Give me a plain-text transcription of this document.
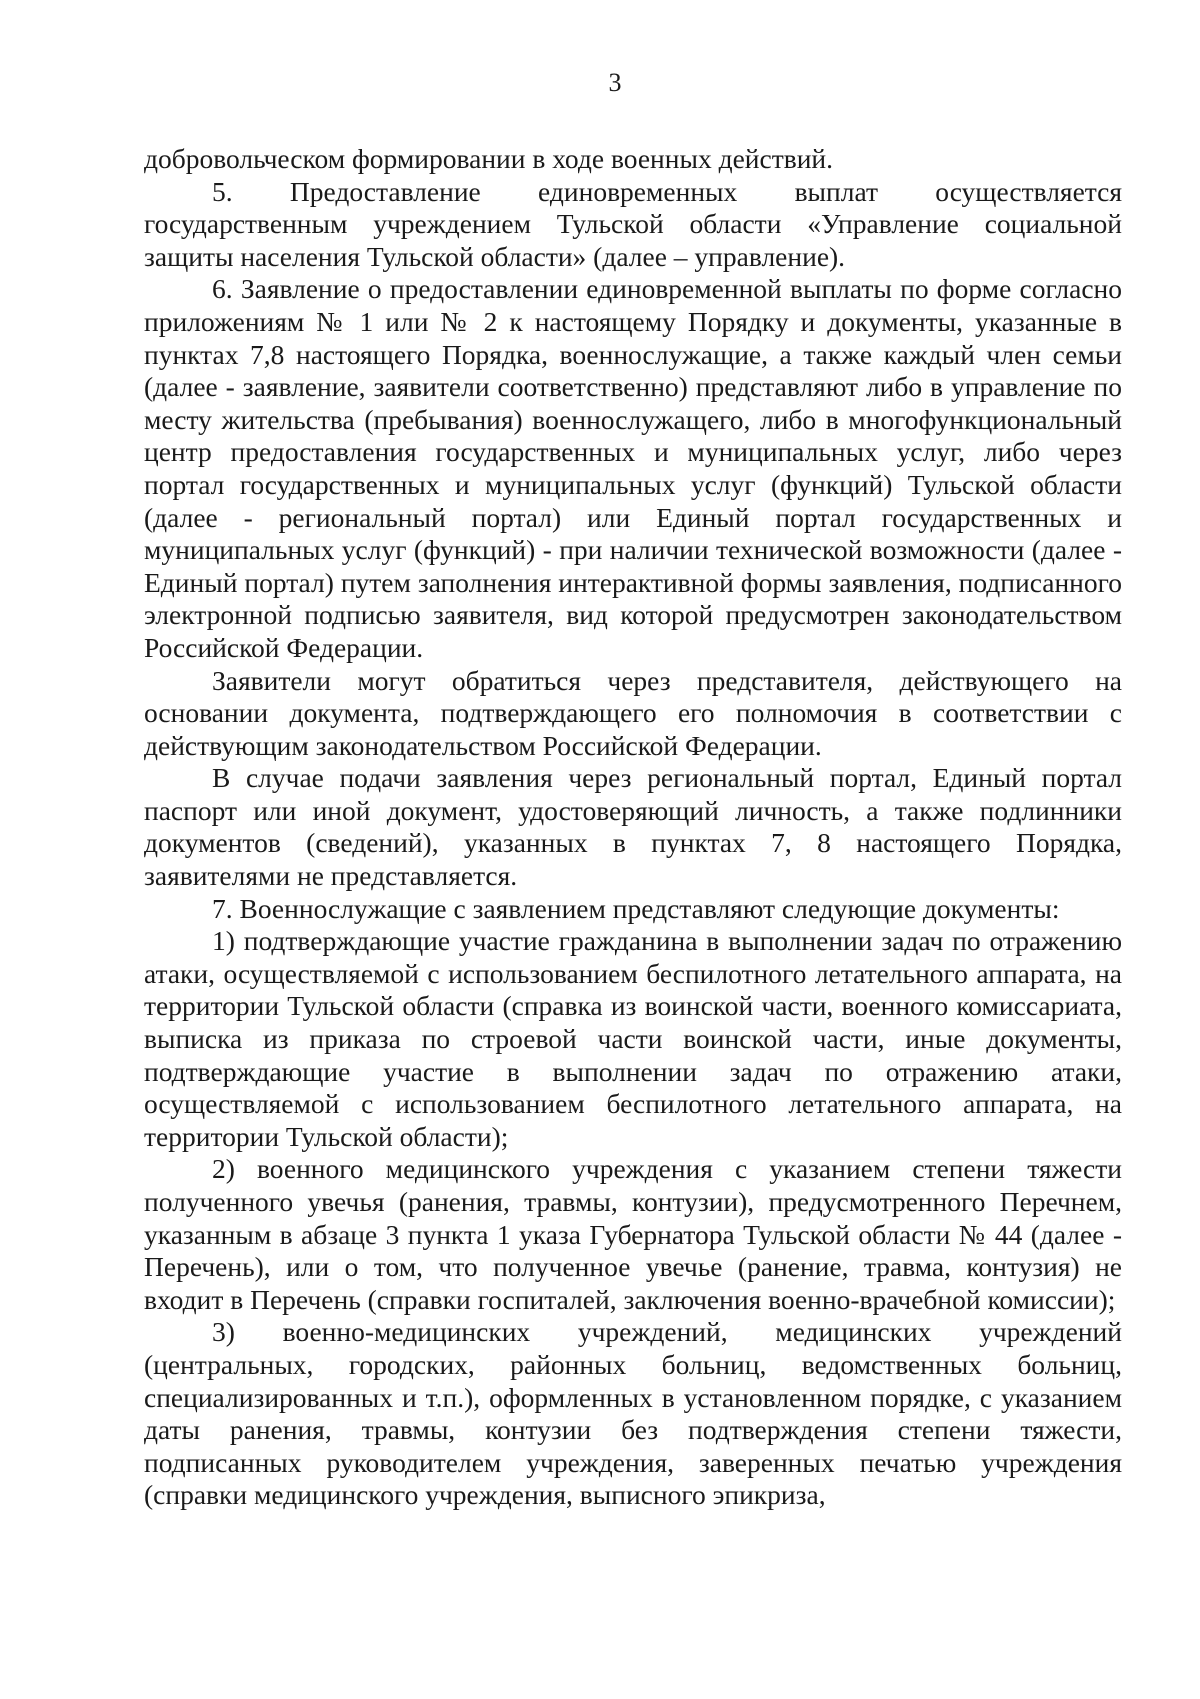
3

добровольческом формировании в ходе военных действий.

5. Предоставление единовременных выплат осуществляется государственным учреждением Тульской области «Управление социальной защиты населения Тульской области» (далее – управление).

6. Заявление о предоставлении единовременной выплаты по форме согласно приложениям № 1 или № 2 к настоящему Порядку и документы, указанные в пунктах 7,8 настоящего Порядка, военнослужащие, а также каждый член семьи (далее - заявление, заявители соответственно) представляют либо в управление по месту жительства (пребывания) военнослужащего, либо в многофункциональный центр предоставления государственных и муниципальных услуг, либо через портал государственных и муниципальных услуг (функций) Тульской области (далее - региональный портал) или Единый портал государственных и муниципальных услуг (функций) - при наличии технической возможности (далее - Единый портал) путем заполнения интерактивной формы заявления, подписанного электронной подписью заявителя, вид которой предусмотрен законодательством Российской Федерации.

Заявители могут обратиться через представителя, действующего на основании документа, подтверждающего его полномочия в соответствии с действующим законодательством Российской Федерации.

В случае подачи заявления через региональный портал, Единый портал паспорт или иной документ, удостоверяющий личность, а также подлинники документов (сведений), указанных в пунктах 7, 8 настоящего Порядка, заявителями не представляется.

7. Военнослужащие с заявлением представляют следующие документы:

1) подтверждающие участие гражданина в выполнении задач по отражению атаки, осуществляемой с использованием беспилотного летательного аппарата, на территории Тульской области (справка из воинской части, военного комиссариата, выписка из приказа по строевой части воинской части, иные документы, подтверждающие участие в выполнении задач по отражению атаки, осуществляемой с использованием беспилотного летательного аппарата, на территории Тульской области);

2) военного медицинского учреждения с указанием степени тяжести полученного увечья (ранения, травмы, контузии), предусмотренного Перечнем, указанным в абзаце 3 пункта 1 указа Губернатора Тульской области № 44 (далее - Перечень), или о том, что полученное увечье (ранение, травма, контузия) не входит в Перечень (справки госпиталей, заключения военно-врачебной комиссии);

3) военно-медицинских учреждений, медицинских учреждений (центральных, городских, районных больниц, ведомственных больниц, специализированных и т.п.), оформленных в установленном порядке, с указанием даты ранения, травмы, контузии без подтверждения степени тяжести, подписанных руководителем учреждения, заверенных печатью учреждения (справки медицинского учреждения, выписного эпикриза,
